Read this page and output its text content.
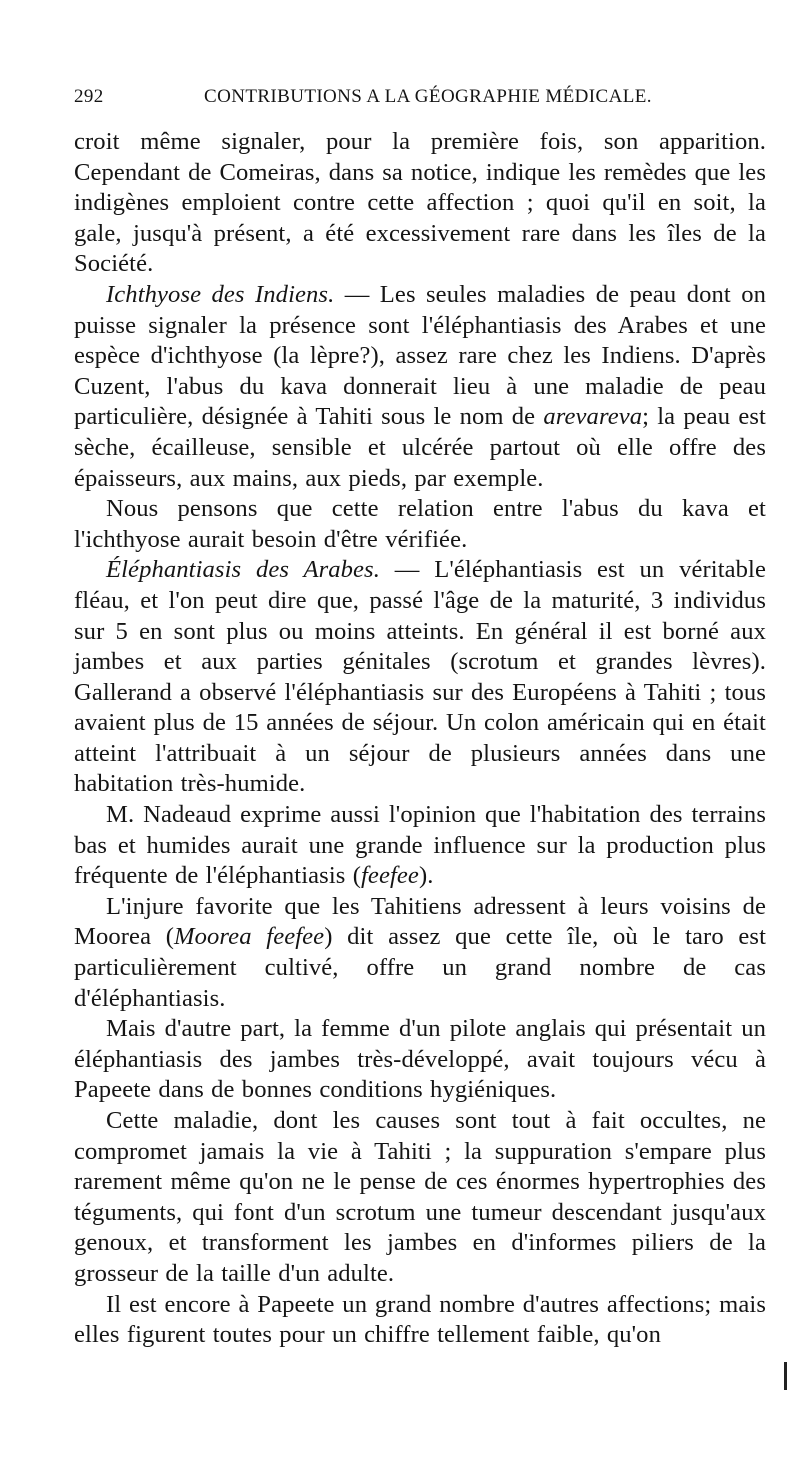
292	CONTRIBUTIONS A LA GÉOGRAPHIE MÉDICALE.

croit même signaler, pour la première fois, son apparition. Cependant de Comeiras, dans sa notice, indique les remèdes que les indigènes emploient contre cette affection ; quoi qu'il en soit, la gale, jusqu'à présent, a été excessivement rare dans les îles de la Société.

Ichthyose des Indiens. — Les seules maladies de peau dont on puisse signaler la présence sont l'éléphantiasis des Arabes et une espèce d'ichthyose (la lèpre?), assez rare chez les Indiens. D'après Cuzent, l'abus du kava donnerait lieu à une maladie de peau particulière, désignée à Tahiti sous le nom de arevareva; la peau est sèche, écailleuse, sensible et ulcérée partout où elle offre des épaisseurs, aux mains, aux pieds, par exemple.

Nous pensons que cette relation entre l'abus du kava et l'ichthyose aurait besoin d'être vérifiée.

Éléphantiasis des Arabes. — L'éléphantiasis est un véritable fléau, et l'on peut dire que, passé l'âge de la maturité, 3 individus sur 5 en sont plus ou moins atteints. En général il est borné aux jambes et aux parties génitales (scrotum et grandes lèvres). Gallerand a observé l'éléphantiasis sur des Européens à Tahiti ; tous avaient plus de 15 années de séjour. Un colon américain qui en était atteint l'attribuait à un séjour de plusieurs années dans une habitation très-humide.

M. Nadeaud exprime aussi l'opinion que l'habitation des terrains bas et humides aurait une grande influence sur la production plus fréquente de l'éléphantiasis (feefee).

L'injure favorite que les Tahitiens adressent à leurs voisins de Moorea (Moorea feefee) dit assez que cette île, où le taro est particulièrement cultivé, offre un grand nombre de cas d'éléphantiasis.

Mais d'autre part, la femme d'un pilote anglais qui présentait un éléphantiasis des jambes très-développé, avait toujours vécu à Papeete dans de bonnes conditions hygiéniques.

Cette maladie, dont les causes sont tout à fait occultes, ne compromet jamais la vie à Tahiti ; la suppuration s'empare plus rarement même qu'on ne le pense de ces énormes hypertrophies des téguments, qui font d'un scrotum une tumeur descendant jusqu'aux genoux, et transforment les jambes en d'informes piliers de la grosseur de la taille d'un adulte.

Il est encore à Papeete un grand nombre d'autres affections; mais elles figurent toutes pour un chiffre tellement faible, qu'on
